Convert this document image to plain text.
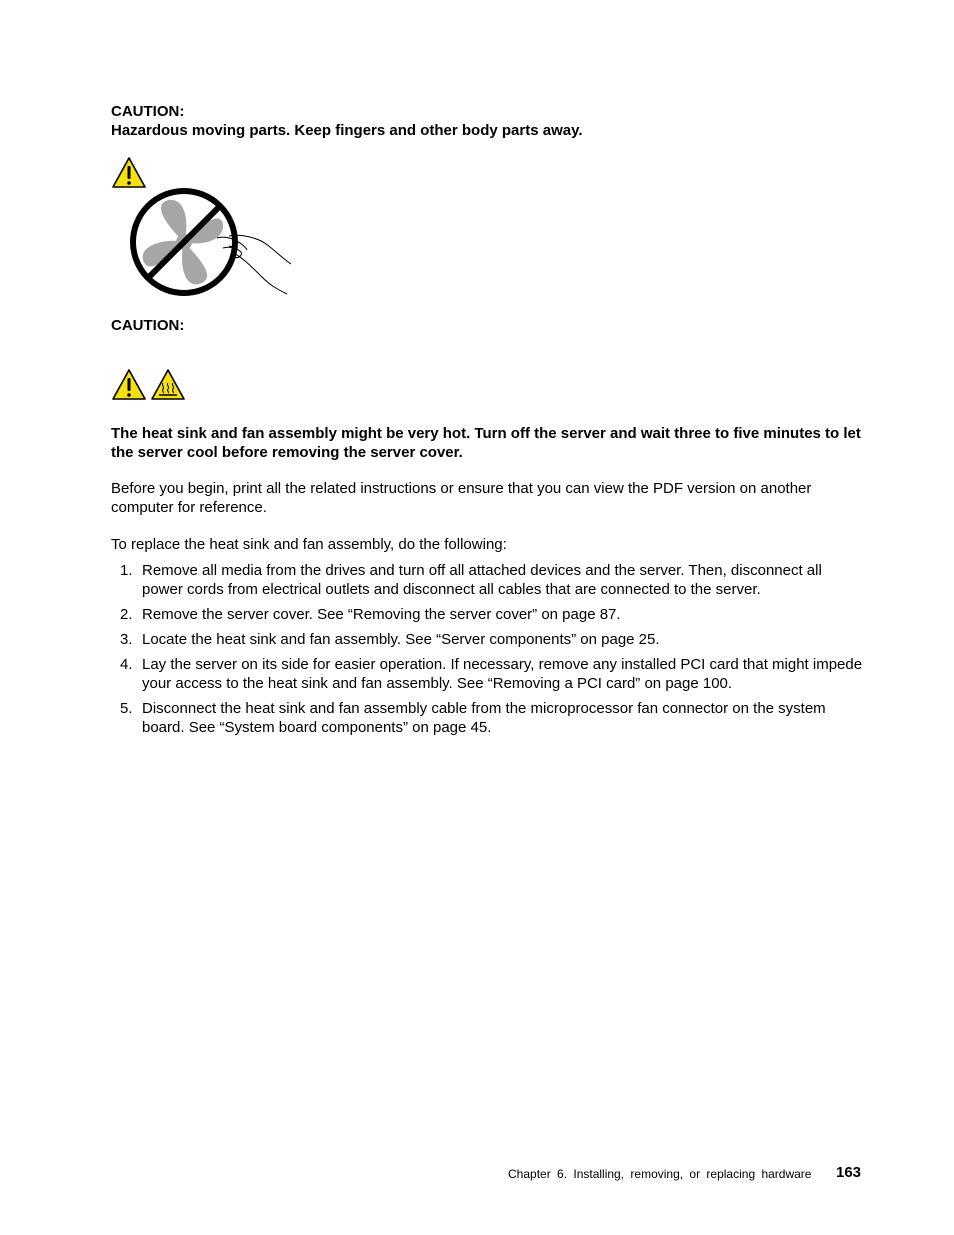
CAUTION:
Hazardous moving parts. Keep fingers and other body parts away.
CAUTION:
The heat sink and fan assembly might be very hot. Turn off the server and wait three to five minutes to let the server cool before removing the server cover.
Before you begin, print all the related instructions or ensure that you can view the PDF version on another computer for reference.
To replace the heat sink and fan assembly, do the following:
1. Remove all media from the drives and turn off all attached devices and the server. Then, disconnect all power cords from electrical outlets and disconnect all cables that are connected to the server.
2. Remove the server cover. See “Removing the server cover” on page 87.
3. Locate the heat sink and fan assembly. See “Server components” on page 25.
4. Lay the server on its side for easier operation. If necessary, remove any installed PCI card that might impede your access to the heat sink and fan assembly. See “Removing a PCI card” on page 100.
5. Disconnect the heat sink and fan assembly cable from the microprocessor fan connector on the system board. See “System board components” on page 45.
Chapter 6. Installing, removing, or replacing hardware 163
